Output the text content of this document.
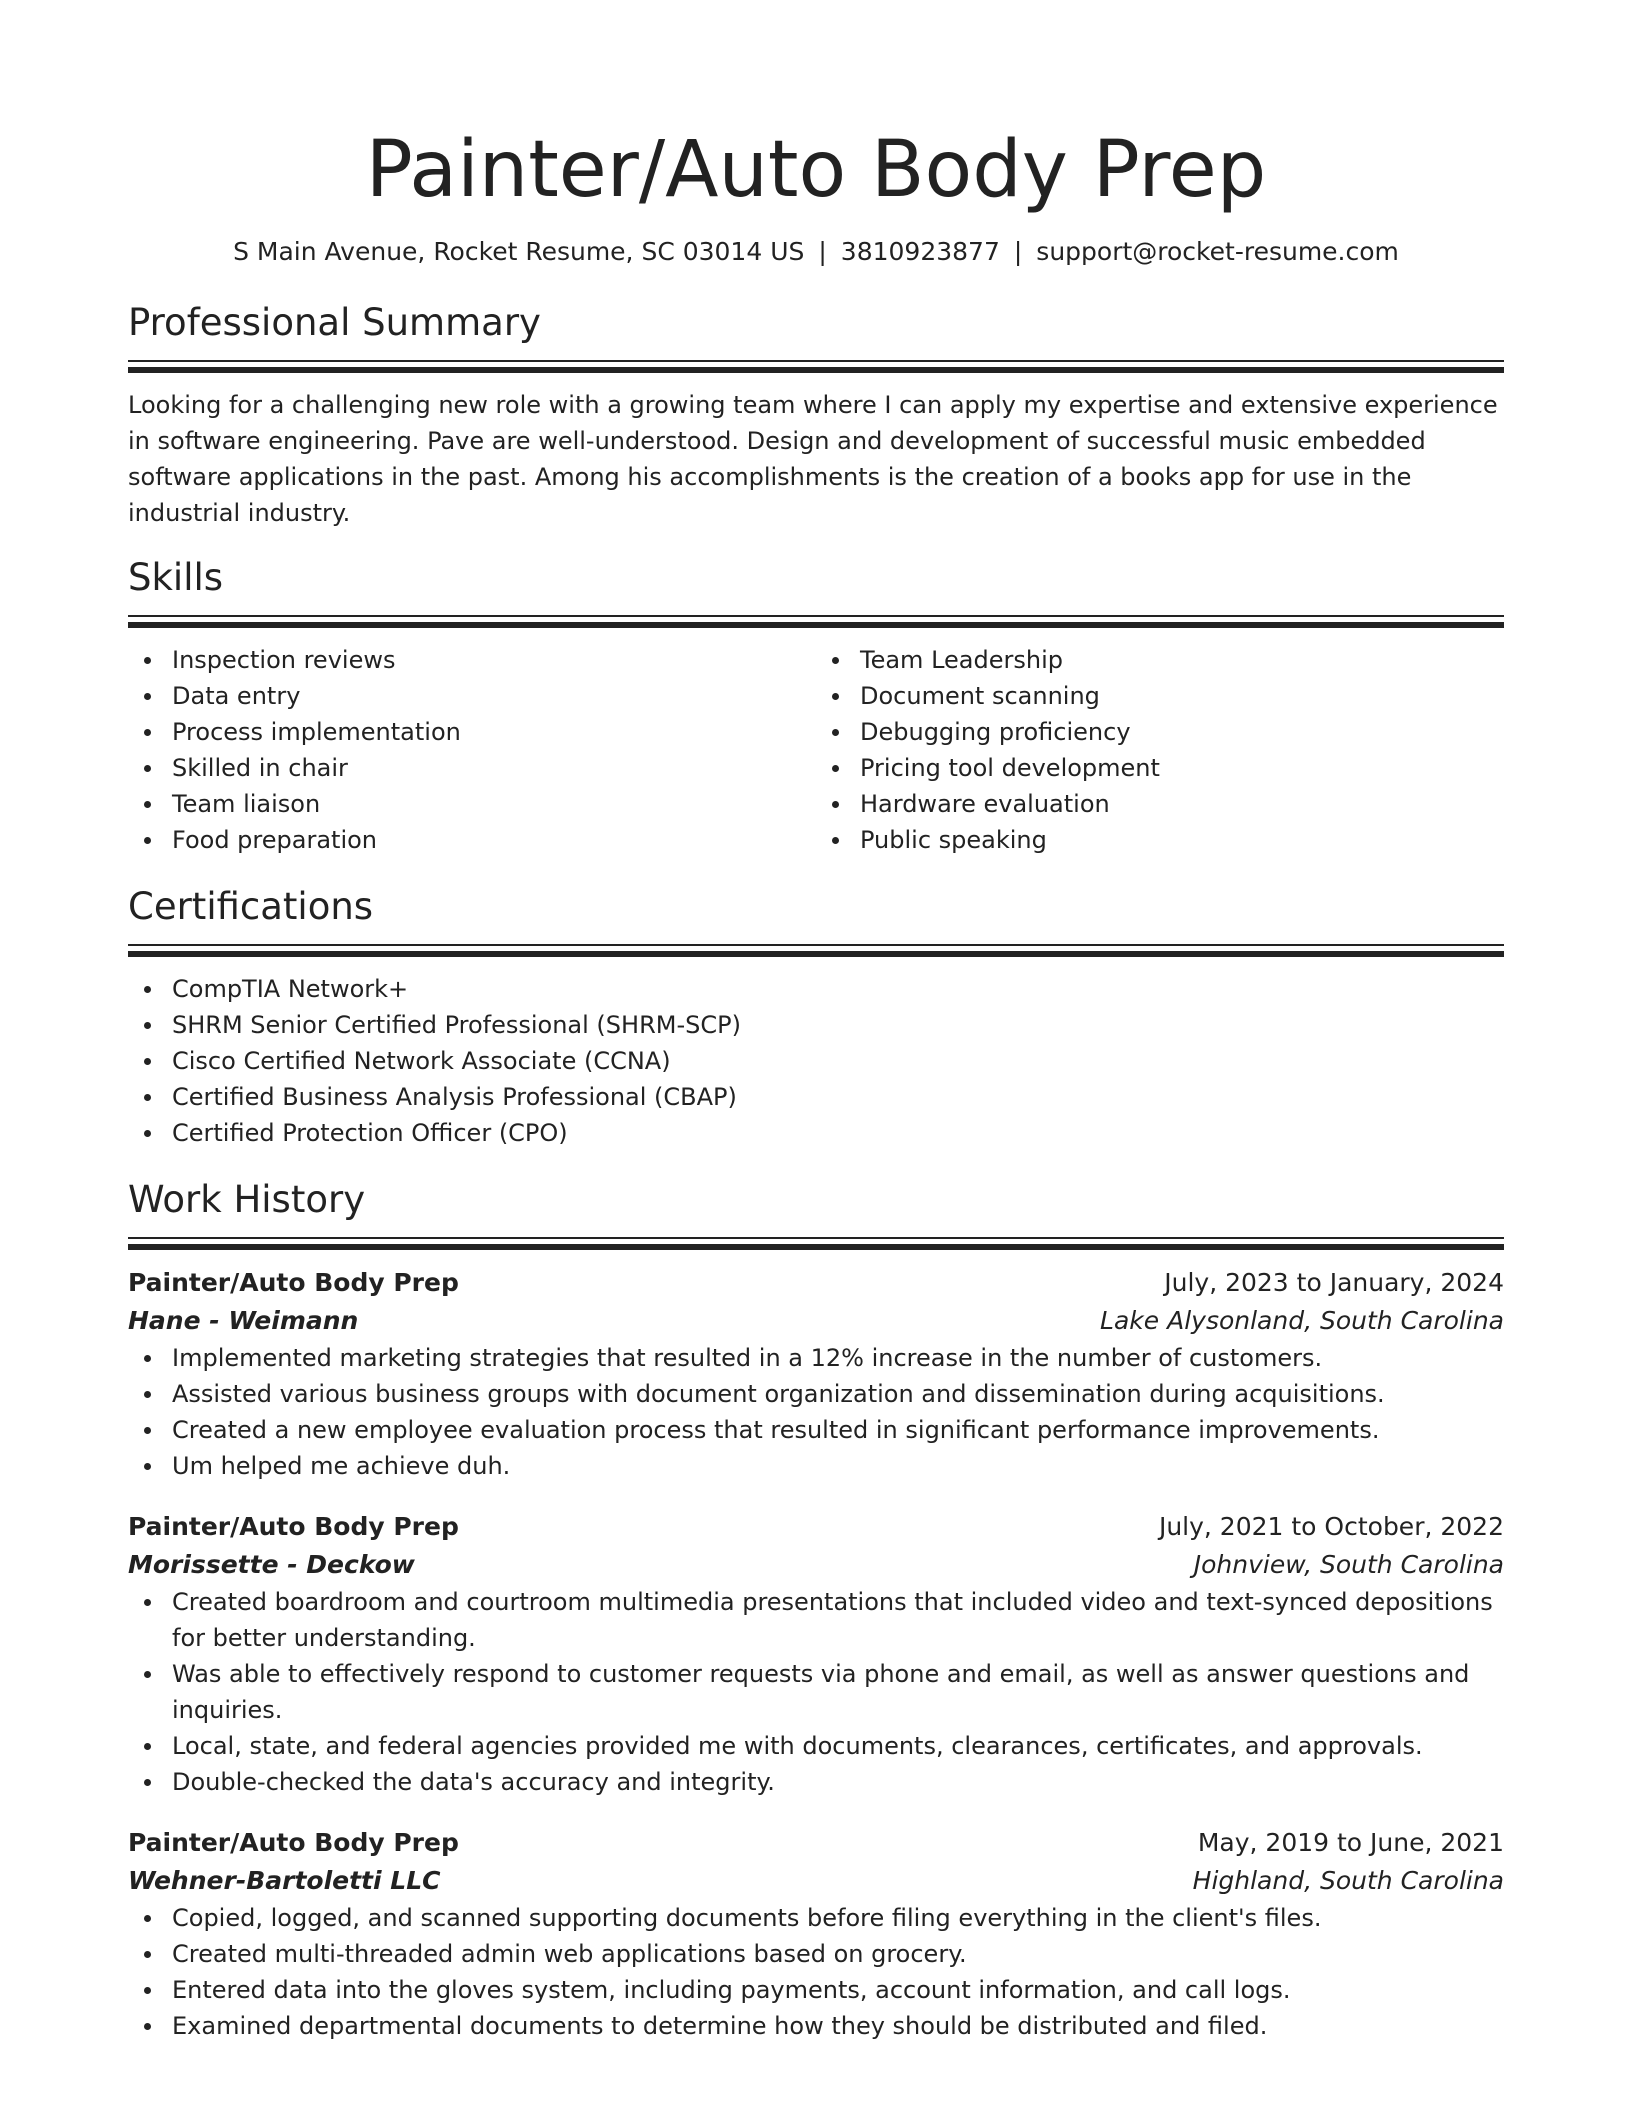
Painter/Auto Body Prep
S Main Avenue, Rocket Resume, SC 03014 US | 3810923877 | support@rocket-resume.com
Professional Summary
Looking for a challenging new role with a growing team where I can apply my expertise and extensive experience in software engineering. Pave are well-understood. Design and development of successful music embedded software applications in the past. Among his accomplishments is the creation of a books app for use in the industrial industry.
Skills
Inspection reviews
Data entry
Process implementation
Skilled in chair
Team liaison
Food preparation
Team Leadership
Document scanning
Debugging proficiency
Pricing tool development
Hardware evaluation
Public speaking
Certifications
CompTIA Network+
SHRM Senior Certified Professional (SHRM-SCP)
Cisco Certified Network Associate (CCNA)
Certified Business Analysis Professional (CBAP)
Certified Protection Officer (CPO)
Work History
Painter/Auto Body Prep	July, 2023 to January, 2024
Hane - Weimann	Lake Alysonland, South Carolina
Implemented marketing strategies that resulted in a 12% increase in the number of customers.
Assisted various business groups with document organization and dissemination during acquisitions.
Created a new employee evaluation process that resulted in significant performance improvements.
Um helped me achieve duh.
Painter/Auto Body Prep	July, 2021 to October, 2022
Morissette - Deckow	Johnview, South Carolina
Created boardroom and courtroom multimedia presentations that included video and text-synced depositions for better understanding.
Was able to effectively respond to customer requests via phone and email, as well as answer questions and inquiries.
Local, state, and federal agencies provided me with documents, clearances, certificates, and approvals.
Double-checked the data's accuracy and integrity.
Painter/Auto Body Prep	May, 2019 to June, 2021
Wehner-Bartoletti LLC	Highland, South Carolina
Copied, logged, and scanned supporting documents before filing everything in the client's files.
Created multi-threaded admin web applications based on grocery.
Entered data into the gloves system, including payments, account information, and call logs.
Examined departmental documents to determine how they should be distributed and filed.
